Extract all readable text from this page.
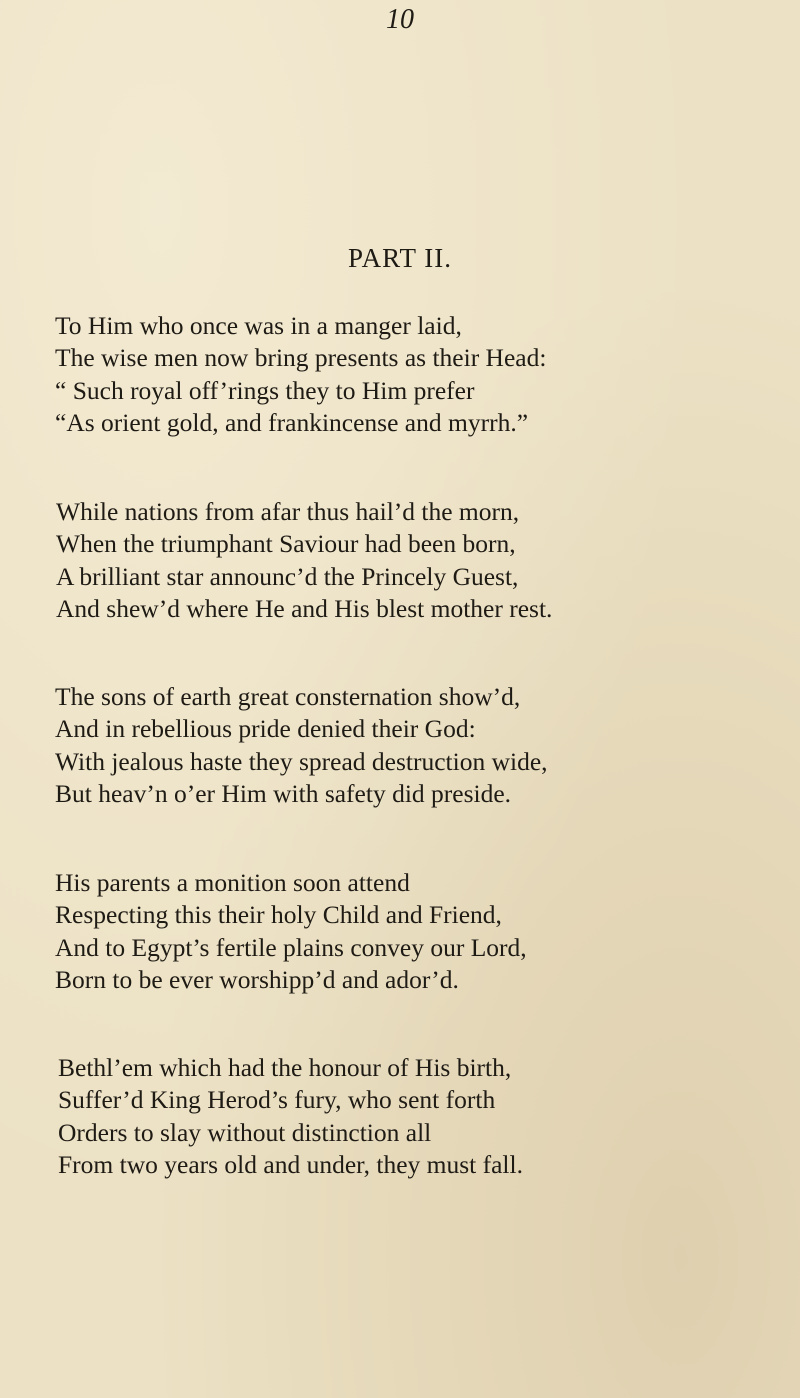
10
PART II.
To Him who once was in a manger laid,
The wise men now bring presents as their Head:
“ Such royal off’rings they to Him prefer
“As orient gold, and frankincense and myrrh.”
While nations from afar thus hail’d the morn,
When the triumphant Saviour had been born,
A brilliant star announc’d the Princely Guest,
And shew’d where He and His blest mother rest.
The sons of earth great consternation show’d,
And in rebellious pride denied their God:
With jealous haste they spread destruction wide,
But heav’n o’er Him with safety did preside.
His parents a monition soon attend
Respecting this their holy Child and Friend,
And to Egypt’s fertile plains convey our Lord,
Born to be ever worshipp’d and ador’d.
Bethl’em which had the honour of His birth,
Suffer’d King Herod’s fury, who sent forth
Orders to slay without distinction all
From two years old and under, they must fall.
